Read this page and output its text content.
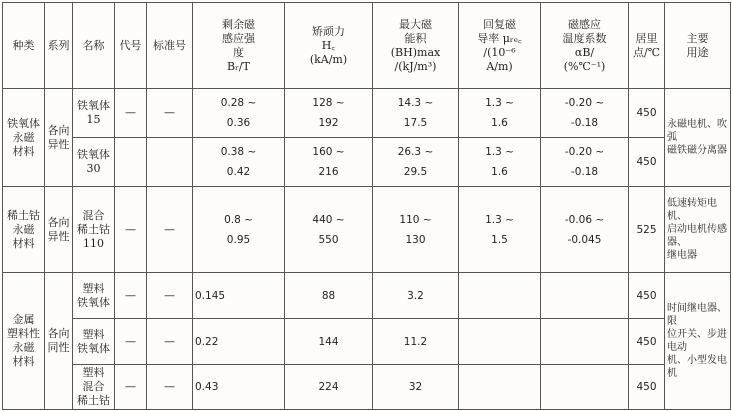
种类	系列	名称	代号	标准号	剩余磁
感应强
度
Bᵣ/T	矫顽力
H꜀
(kA/m)	最大磁
能积
(BH)max
/(kJ/m³)	回复磁
导率 μᵣₑ꜀
/(10⁻⁶
A/m)	磁感应
温度系数
αB/
(%℃⁻¹)	居里
点/℃	主要
用途

铁氧体
永磁
材料	各向
异性	铁氧体
15	—	—	0.28 ~
0.36	128 ~
192	14.3 ~
17.5	1.3 ~
1.6	-0.20 ~
-0.18	450	永磁电机、吹弧
磁铁磁分离器
		铁氧体
30			0.38 ~
0.42	160 ~
216	26.3 ~
29.5	1.3 ~
1.6	-0.20 ~
-0.18	450	
稀土钴
永磁
材料	各向
异性	混合
稀土钴
110	—	—	0.8 ~
0.95	440 ~
550	110 ~
130	1.3 ~
1.5	-0.06 ~
-0.045	525	低速转矩电机、
启动电机传感器、
继电器
金属
塑料性
永磁
材料	各向
同性	塑料
铁氧体	—	—	0.145	88	3.2			450	时间继电器、限
位开关、步进电动
机、小型发电机
		塑料
铁氧体	—	—	0.22	144	11.2			450	
		塑料
混合
稀土钴	—	—	0.43	224	32			450	
